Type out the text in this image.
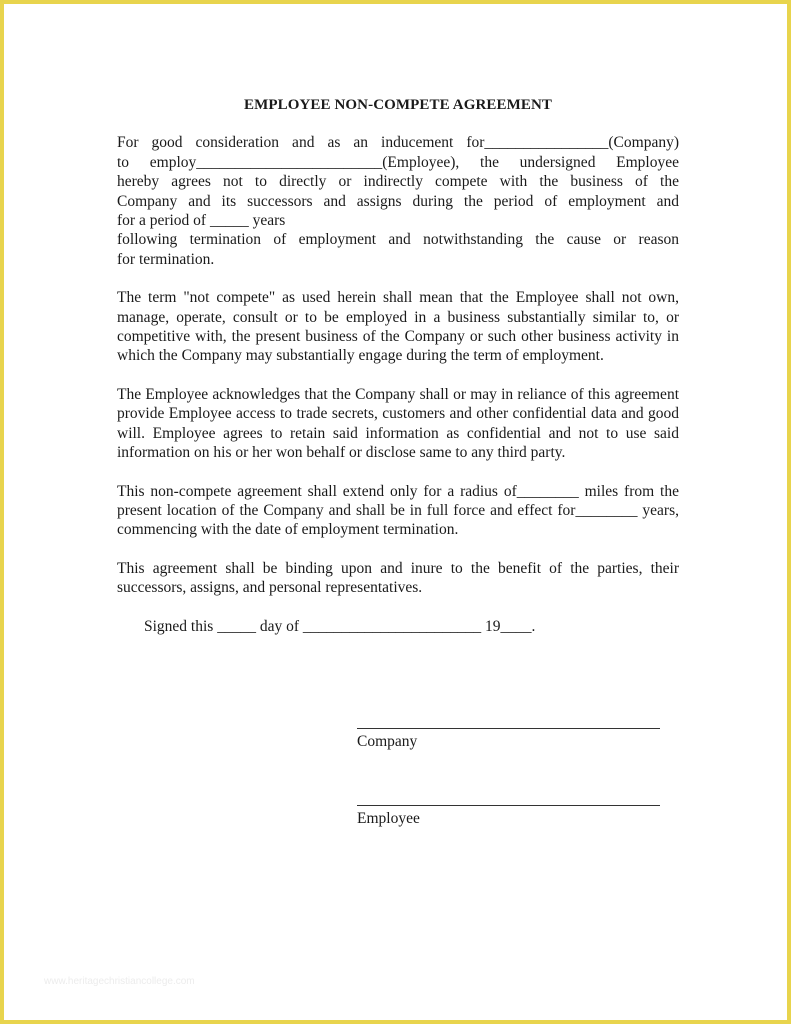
EMPLOYEE NON-COMPETE AGREEMENT
For good consideration and as an inducement for________________(Company)
to employ________________________(Employee), the undersigned Employee
hereby agrees not to directly or indirectly compete with the business of the
Company and its successors and assigns during the period of employment and
for a period of _____ years
following termination of employment and notwithstanding the cause or reason
for termination.
The term "not compete" as used herein shall mean that the Employee shall not own, manage, operate, consult or to be employed in a business substantially similar to, or competitive with, the present business of the Company or such other business activity in which the Company may substantially engage during the term of employment.
The Employee acknowledges that the Company shall or may in reliance of this agreement provide Employee access to trade secrets, customers and other confidential data and good will. Employee agrees to retain said information as confidential and not to use said information on his or her won behalf or disclose same to any third party.
This non-compete agreement shall extend only for a radius of________ miles from the present location of the Company and shall be in full force and effect for________ years, commencing with the date of employment termination.
This agreement shall be binding upon and inure to the benefit of the parties, their successors, assigns, and personal representatives.
Signed this _____ day of _______________________ 19____.
Company
Employee
www.heritagechristiancollege.com
